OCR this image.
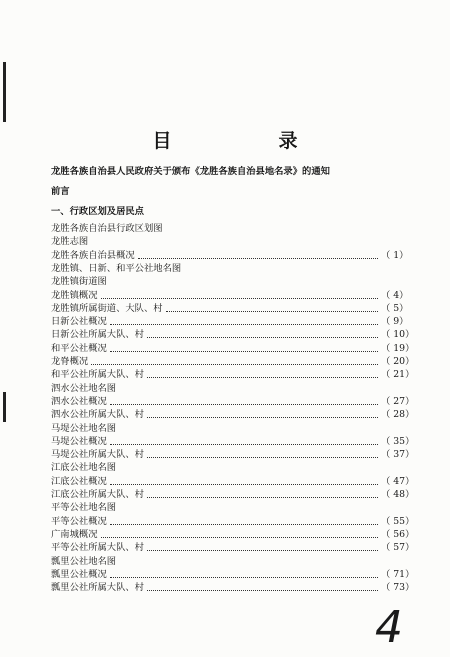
目　录
龙胜各族自治县人民政府关于颁布《龙胜各族自治县地名录》的通知
前言
一、行政区划及居民点
龙胜各族自治县行政区划图
龙胜志图
龙胜各族自治县概况	（ 1）
龙胜镇、日新、和平公社地名图
龙胜镇街道图
龙胜镇概况	（ 4）
龙胜镇所属街道、大队、村	（ 5）
日新公社概况	（ 9）
日新公社所属大队、村	（ 10）
和平公社概况	（ 19）
龙脊概况	（ 20）
和平公社所属大队、村	（ 21）
泗水公社地名图
泗水公社概况	（ 27）
泗水公社所属大队、村	（ 28）
马堤公社地名图
马堤公社概况	（ 35）
马堤公社所属大队、村	（ 37）
江底公社地名图
江底公社概况	（ 47）
江底公社所属大队、村	（ 48）
平等公社地名图
平等公社概况	（ 55）
广南城概况	（ 56）
平等公社所属大队、村	（ 57）
瓢里公社地名图
瓢里公社概况	（ 71）
瓢里公社所属大队、村	（ 73）
4
